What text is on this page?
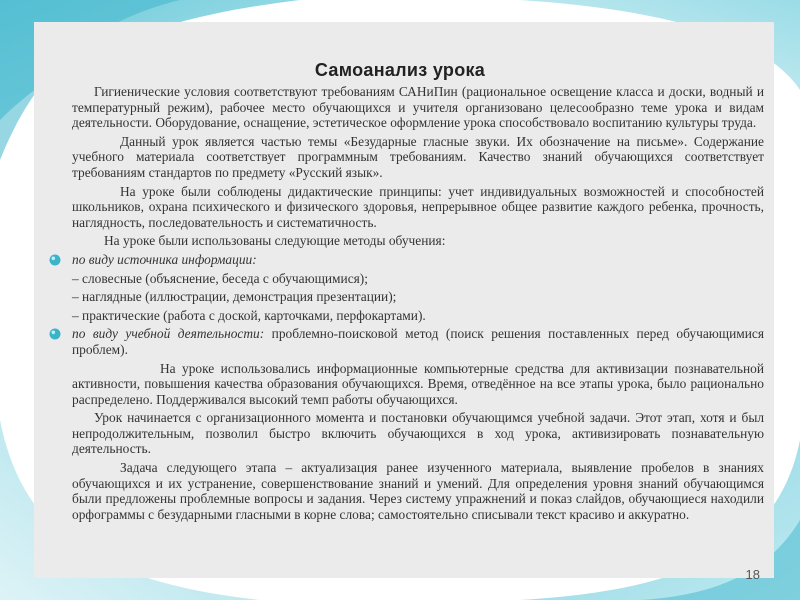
Самоанализ урока

Гигиенические условия соответствуют требованиям САНиПин (рациональное освещение класса и доски, водный и температурный режим), рабочее место обучающихся и учителя организовано целесообразно теме урока и видам деятельности. Оборудование, оснащение, эстетическое оформление урока способствовало воспитанию культуры труда.

Данный урок является частью темы «Безударные гласные звуки. Их обозначение на письме». Содержание учебного материала соответствует программным требованиям. Качество знаний обучающихся соответствует требованиям стандартов по предмету «Русский язык».

На уроке были соблюдены дидактические принципы: учет индивидуальных возможностей и способностей школьников, охрана психического и физического здоровья, непрерывное общее развитие каждого ребенка, прочность, наглядность, последовательность и систематичность.

На уроке были использованы следующие методы обучения:

по виду источника информации:

– словесные (объяснение, беседа с обучающимися);

– наглядные (иллюстрации, демонстрация презентации);

– практические (работа с доской, карточками, перфокартами).

по виду учебной деятельности: проблемно-поисковой метод (поиск решения поставленных перед обучающимися проблем).

На уроке использовались информационные компьютерные средства для активизации познавательной активности, повышения качества образования обучающихся. Время, отведённое на все этапы урока, было рационально распределено. Поддерживался высокий темп работы обучающихся.

Урок начинается с организационного момента и постановки обучающимся учебной задачи. Этот этап, хотя и был непродолжительным, позволил быстро включить обучающихся в ход урока, активизировать познавательную деятельность.

Задача следующего этапа – актуализация ранее изученного материала, выявление пробелов в знаниях обучающихся и их устранение, совершенствование знаний и умений. Для определения уровня знаний обучающимся были предложены проблемные вопросы и задания. Через систему упражнений и показ слайдов, обучающиеся находили орфограммы с безударными гласными в корне слова; самостоятельно списывали текст красиво и аккуратно.

18
